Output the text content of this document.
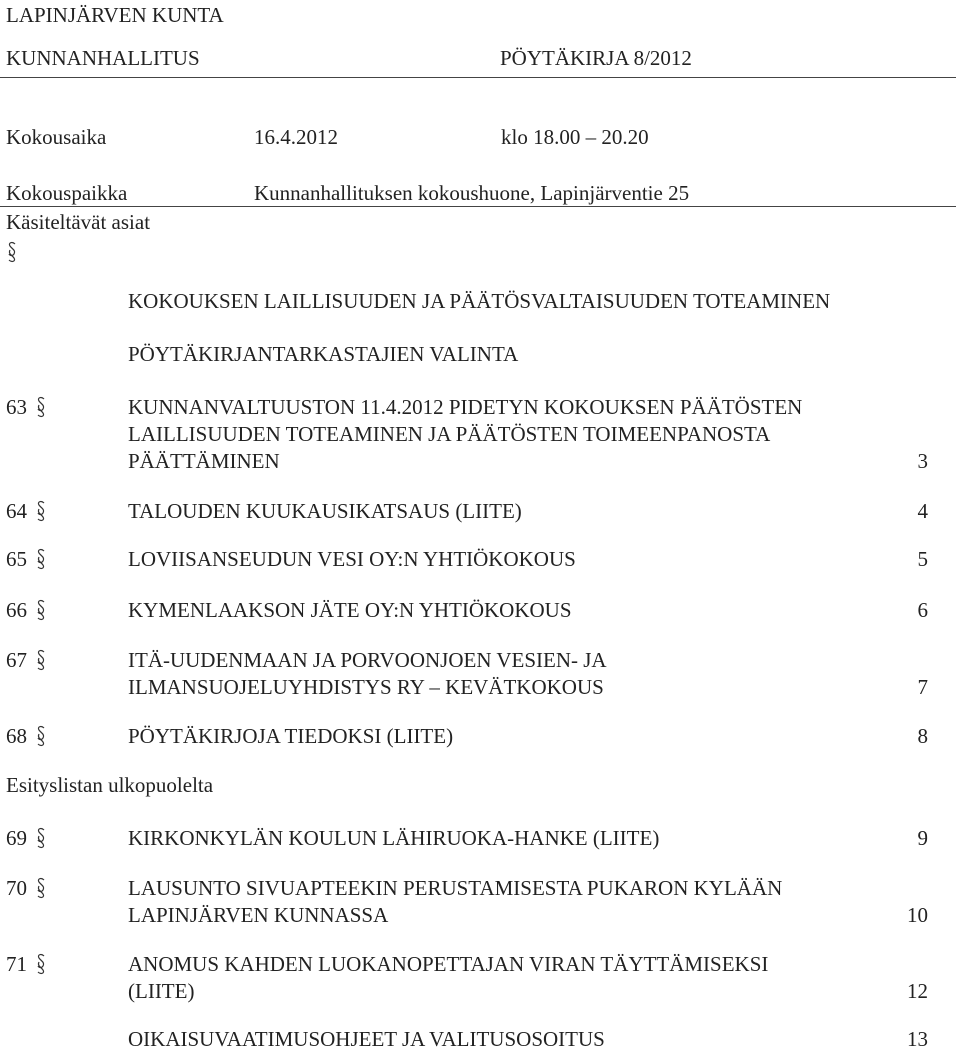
LAPINJÄRVEN KUNTA
KUNNANHALLITUS	PÖYTÄKIRJA 8/2012
Kokousaika	16.4.2012	klo 18.00 – 20.20
Kokouspaikka	Kunnanhallituksen kokoushuone, Lapinjärventie 25
Käsiteltävät asiat
KOKOUKSEN LAILLISUUDEN JA PÄÄTÖSVALTAISUUDEN TOTEAMINEN
PÖYTÄKIRJANTARKASTAJIEN VALINTA
63	KUNNANVALTUUSTON 11.4.2012 PIDETYN KOKOUKSEN PÄÄTÖSTEN
LAILLISUUDEN TOTEAMINEN JA PÄÄTÖSTEN TOIMEENPANOSTA
PÄÄTTÄMINEN	3
64	TALOUDEN KUUKAUSIKATSAUS (LIITE)	4
65	LOVIISANSEUDUN VESI OY:N YHTIÖKOKOUS	5
66	KYMENLAAKSON JÄTE OY:N YHTIÖKOKOUS	6
67	ITÄ-UUDENMAAN JA PORVOONJOEN VESIEN- JA
ILMANSUOJELUYHDISTYS RY – KEVÄTKOKOUS	7
68	PÖYTÄKIRJOJA TIEDOKSI (LIITE)	8
69	KIRKONKYLÄN KOULUN LÄHIRUOKA-HANKE (LIITE)	9
70	LAUSUNTO SIVUAPTEEKIN PERUSTAMISESTA PUKARON KYLÄÄN
LAPINJÄRVEN KUNNASSA	10
71	ANOMUS KAHDEN LUOKANOPETTAJAN VIRAN TÄYTTÄMISEKSI
(LIITE)	12
OIKAISUVAATIMUSOHJEET JA VALITUSOSOITUS	13
Esityslistan ulkopuolelta
